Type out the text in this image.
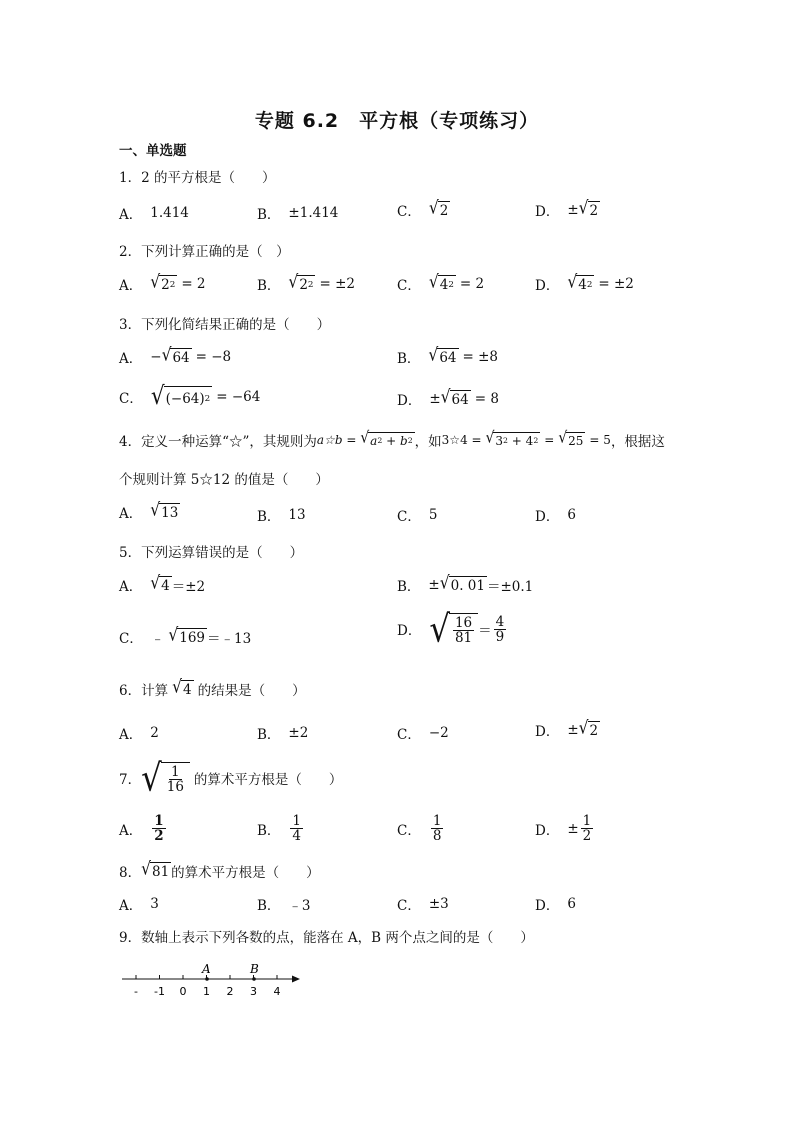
专题 6.2　平方根（专项练习）
一、单选题
1．2 的平方根是（　　）
A． 1.414	B． ±1.414	C． √ 2	D． ± √ 2
2．下列计算正确的是（　）
A． √ 2 2 = 2	B． √ 2 2 = ±2	C． √ 4 2 = 2	D． √ 4 2 = ±2
3．下列化简结果正确的是（　　）
A． − √ 64 = −8	B． √ 64 = ±8
C． √ (−64) 2 = −64	D． ± √ 64 = 8
4．定义一种运算“☆”，其规则为 a☆b = √ a 2
+
b 2 ，如 3☆4 = √ 3 2 + 4 2 = √ 25 = 5 ，根据这
个规则计算 5☆12 的值是（　　）
A． √ 13	B． 13	C． 5	D． 6
5．下列运算错误的是（　　）
A． √ 4 ＝±2	B． ± √ 0. 01 ＝±0.1
C． ﹣ √ 169 ＝﹣13	D． √ $\frac{16}{81} = \frac{4}{9}$
6．计算 √ 4 的结果是（　　）
A． 2	B． ±2	C． −2	D． ± √ 2
7． √ $\frac{1}{16}$ 的算术平方根是（　　）
A． $\frac{1}{2}$	B． $\frac{1}{4}$	C． $\frac{1}{8}$	D． ± $\frac{1}{2}$
8． √ 81 的算术平方根是（　　）
A． 3	B． ﹣3	C． ±3	D． 6
9．数轴上表示下列各数的点，能落在 A，B 两个点之间的是（　　）
- -1 0 1 2 3 4
A	B
